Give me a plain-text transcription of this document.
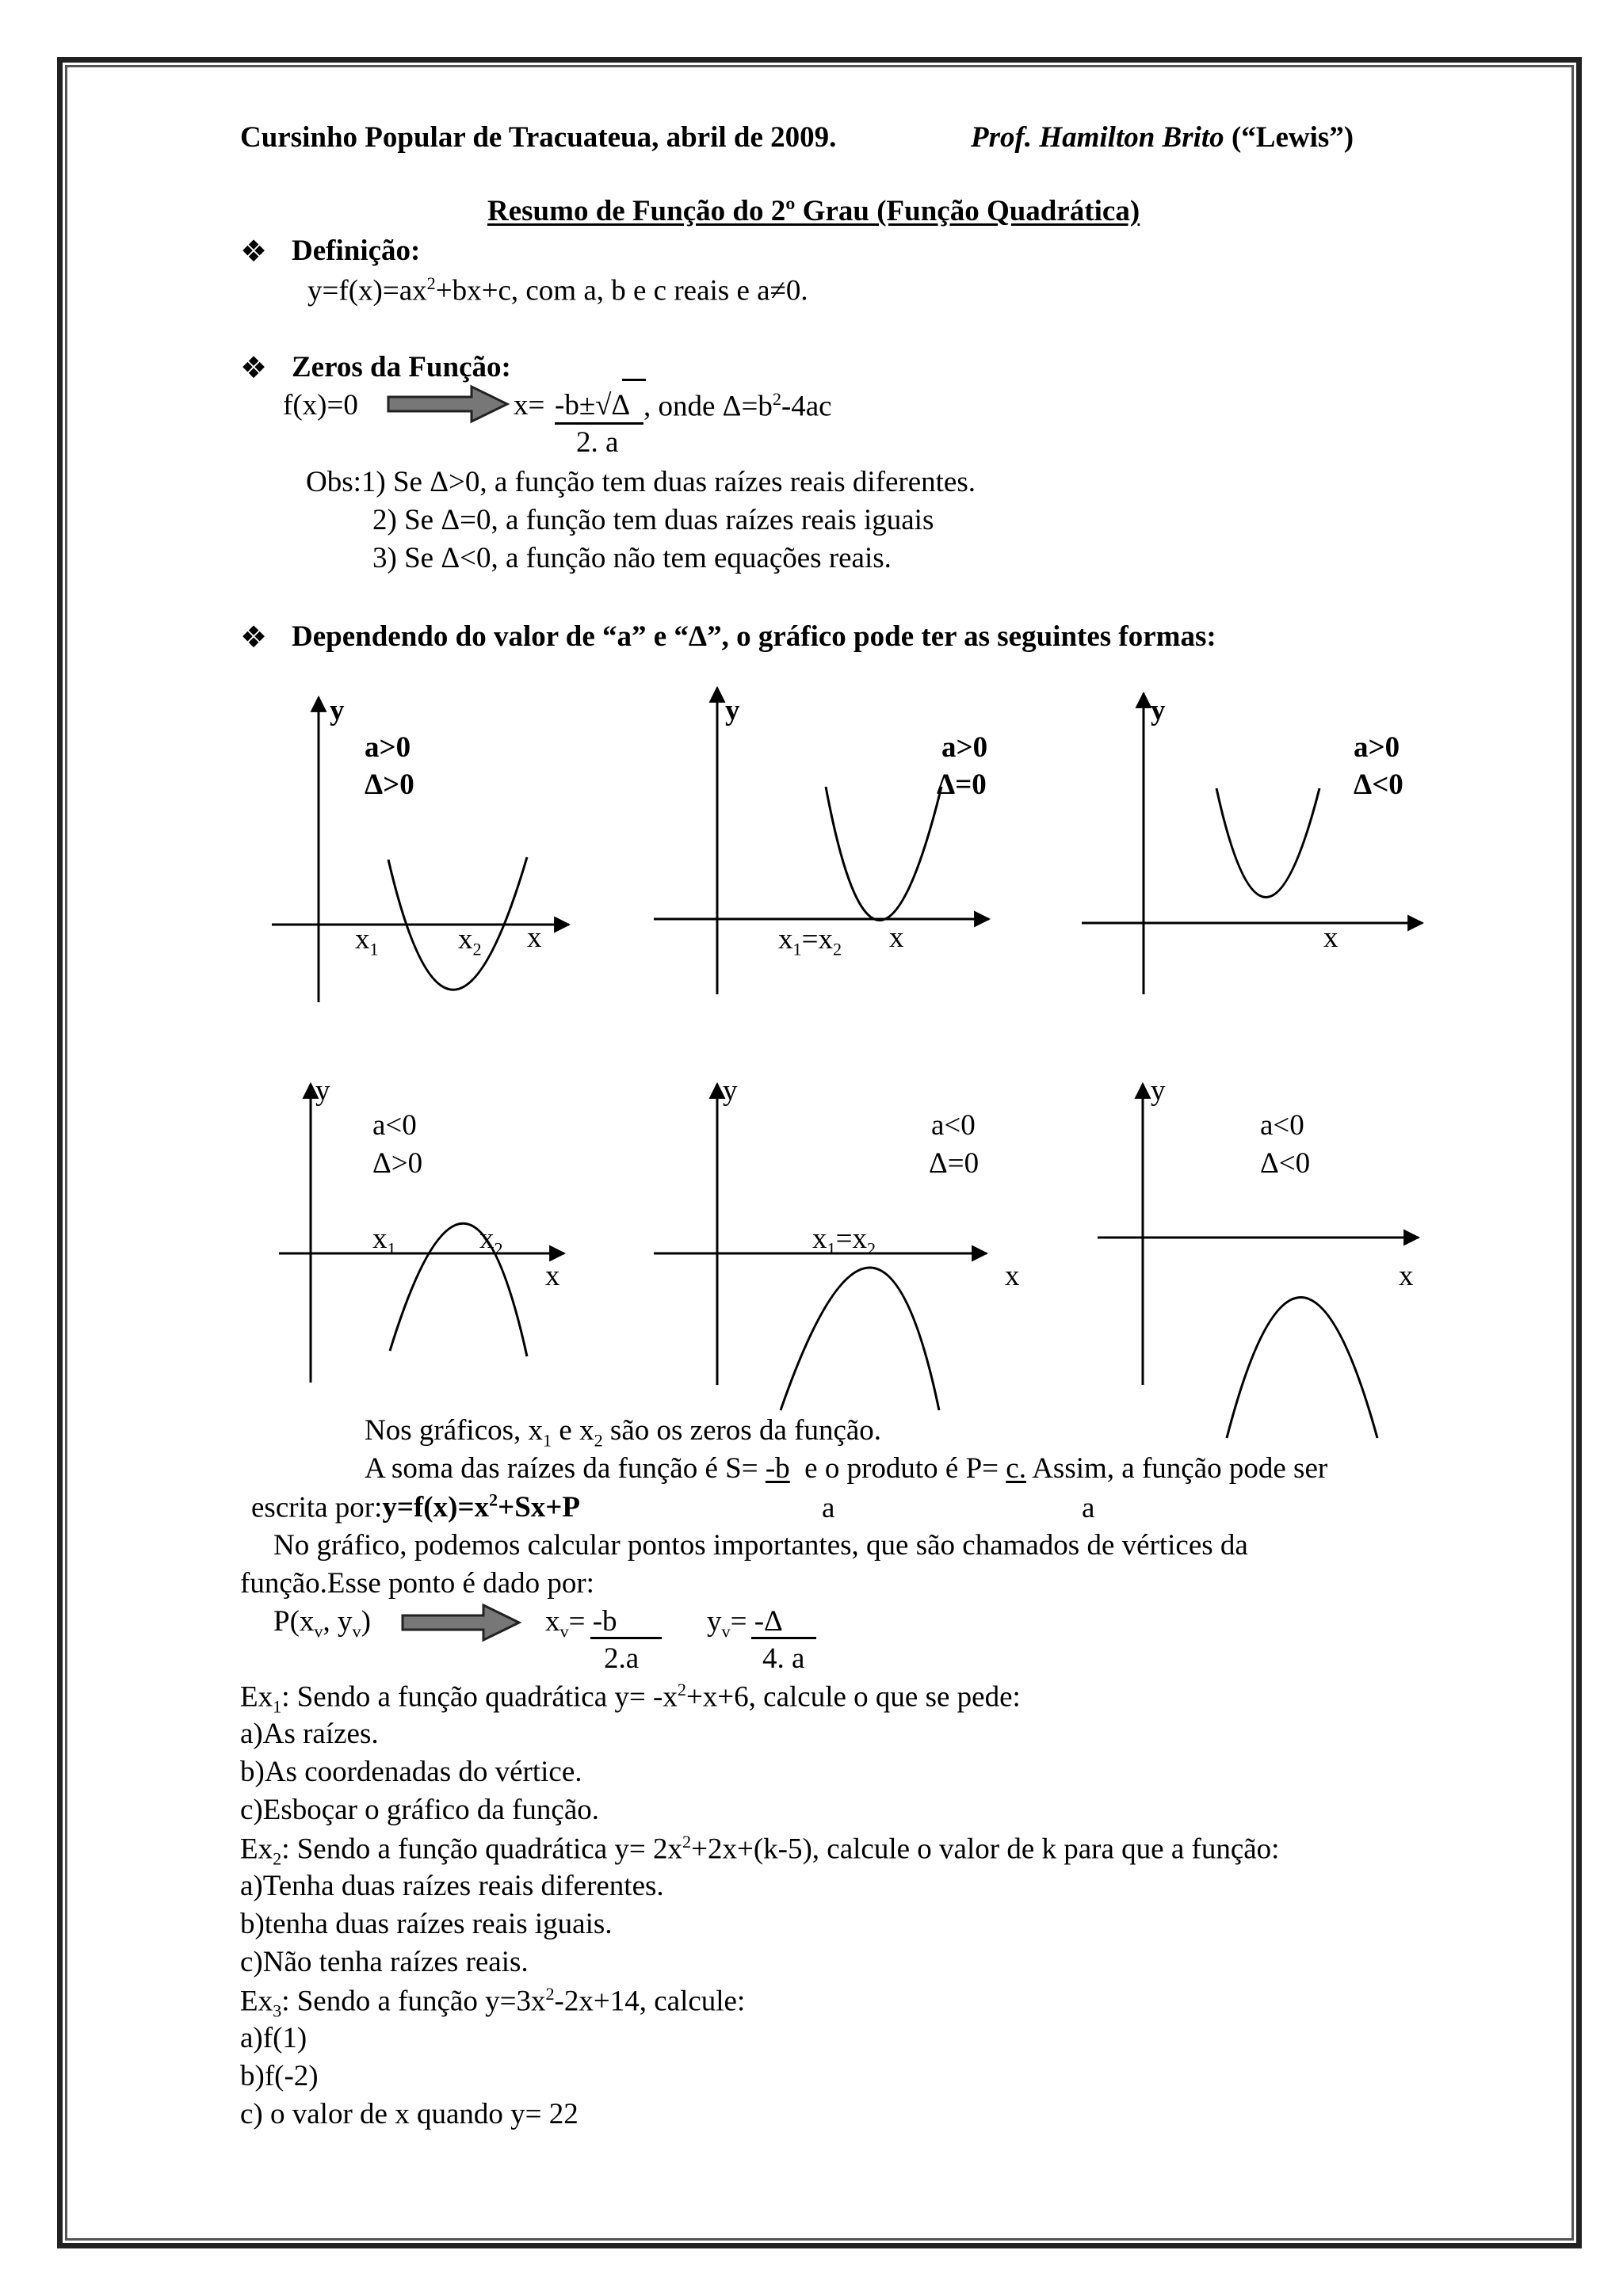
Cursinho Popular de Tracuateua, abril de 2009.	Prof. Hamilton Brito (“Lewis”)
Resumo de Função do 2º Grau (Função Quadrática)
❖ Definição:
$y=f(x)=ax^2+bx+c$, com a, b e c reais e a≠0.
❖ Zeros da Função:
f(x)=0	x= -b±√Δ
2. a
, onde $\Delta=b^2-4ac$
Obs:1) Se Δ>0, a função tem duas raízes reais diferentes.
2) Se Δ=0, a função tem duas raízes reais iguais
3) Se Δ<0, a função não tem equações reais.
❖ Dependendo do valor de “a” e “Δ”, o gráfico pode ter as seguintes formas:
y
a>0
Δ>0
$x_1$	$x_2$ x
y
a>0
Δ=0
$x_1=x_2$ x
y
a>0
Δ<0
x
y
a<0
Δ>0
$x_1$	$x_2$
x
y
a<0
Δ=0
$x_1=x_2$
x
y
a<0
Δ<0
x
Nos gráficos, $x_1$ e $x_2$ são os zeros da função.
A soma das raízes da função é S= -b e o produto é P= c. Assim, a função pode ser
escrita $por:y=f(x)=x^2+Sx+P$	a	a
No gráfico, podemos calcular pontos importantes, que são chamados de vértices da
função.Esse ponto é dado por:
$P(x_v$, $y_v$)	$x_v= -b$
2.a
$y_v= -\Delta$
4. a
$Ex_1$: Sendo a função quadrática $y= -x^2+x+6$, calcule o que se pede:
a)As raízes.
b)As coordenadas do vértice.
c)Esboçar o gráfico da função.
$Ex_2$: Sendo a função quadrática $y= 2x^2+2x+(k-5)$, calcule o valor de k para que a função:
a)Tenha duas raízes reais diferentes.
b)tenha duas raízes reais iguais.
c)Não tenha raízes reais.
$Ex_3$: Sendo a função $y=3x^2-2x+14$, calcule:
a)f(1)
b)f(-2)
c) o valor de x quando y= 22
